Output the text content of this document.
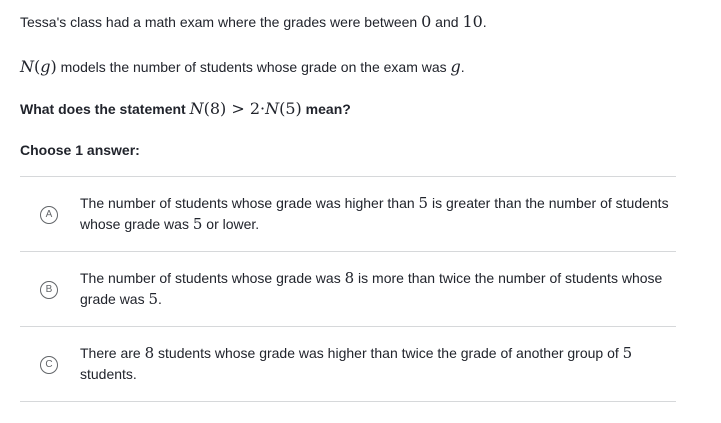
Tessa's class had a math exam where the grades were between 0 and 10.
N(g) models the number of students whose grade on the exam was g.
What does the statement N(8) > 2·N(5) mean?
Choose 1 answer:
A
The number of students whose grade was higher than 5 is greater than the number of students whose grade was 5 or lower.
B
The number of students whose grade was 8 is more than twice the number of students whose grade was 5.
C
There are 8 students whose grade was higher than twice the grade of another group of 5 students.
